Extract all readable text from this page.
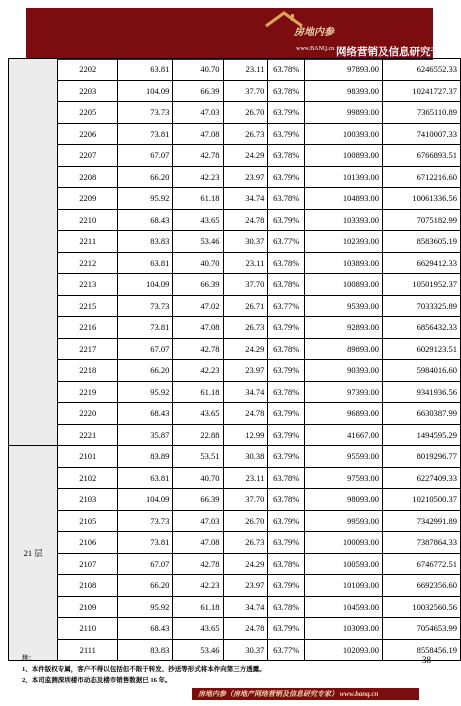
房地内参
www.BANQ.cn 网络营销及信息研究专家
	2202	63.81	40.70	23.11	63.78%	97893.00	6246552.33
	2203	104.09	66.39	37.70	63.78%	98393.00	10241727.37
	2205	73.73	47.03	26.70	63.79%	99893.00	7365110.89
	2206	73.81	47.08	26.73	63.79%	100393.00	7410007.33
	2207	67.07	42.78	24.29	63.78%	100893.00	6766893.51
	2208	66.20	42.23	23.97	63.79%	101393.00	6712216.60
	2209	95.92	61.18	34.74	63.78%	104893.00	10061336.56
	2210	68.43	43.65	24.78	63.79%	103393.00	7075182.99
	2211	83.83	53.46	30.37	63.77%	102393.00	8583605.19
	2212	63.81	40.70	23.11	63.78%	103893.00	6629412.33
	2213	104.09	66.39	37.70	63.78%	100893.00	10501952.37
	2215	73.73	47.02	26.71	63.77%	95393.00	7033325.89
	2216	73.81	47.08	26.73	63.79%	92893.00	6856432.33
	2217	67.07	42.78	24.29	63.78%	89893.00	6029123.51
	2218	66.20	42.23	23.97	63.79%	90393.00	5984016.60
	2219	95.92	61.18	34.74	63.78%	97393.00	9341936.56
	2220	68.43	43.65	24.78	63.79%	96893.00	6630387.99
	2221	35.87	22.88	12.99	63.79%	41667.00	1494595.29
21 层	2101	83.89	53.51	30.38	63.79%	95593.00	8019296.77
	2102	63.81	40.70	23.11	63.78%	97593.00	6227409.33
	2103	104.09	66.39	37.70	63.78%	98093.00	10210500.37
	2105	73.73	47.03	26.70	63.79%	99593.00	7342991.89
	2106	73.81	47.08	26.73	63.79%	100093.00	7387864.33
	2107	67.07	42.78	24.29	63.78%	100593.00	6746772.51
	2108	66.20	42.23	23.97	63.79%	101093.00	6692356.60
	2109	95.92	61.18	34.74	63.78%	104593.00	10032560.56
	2110	68.43	43.65	24.78	63.79%	103093.00	7054653.99
	2111	83.83	53.46	30.37	63.77%	102093.00	8558456.19
注：
1、本件版权专属，客户不得以包括但不限于转发、抄送等形式将本件向第三方透露。
2、本司监测深圳楼市动态及楼市销售数据已 16 年。
38
房地内参（房地产网络营销及信息研究专家） www.banq.cn
